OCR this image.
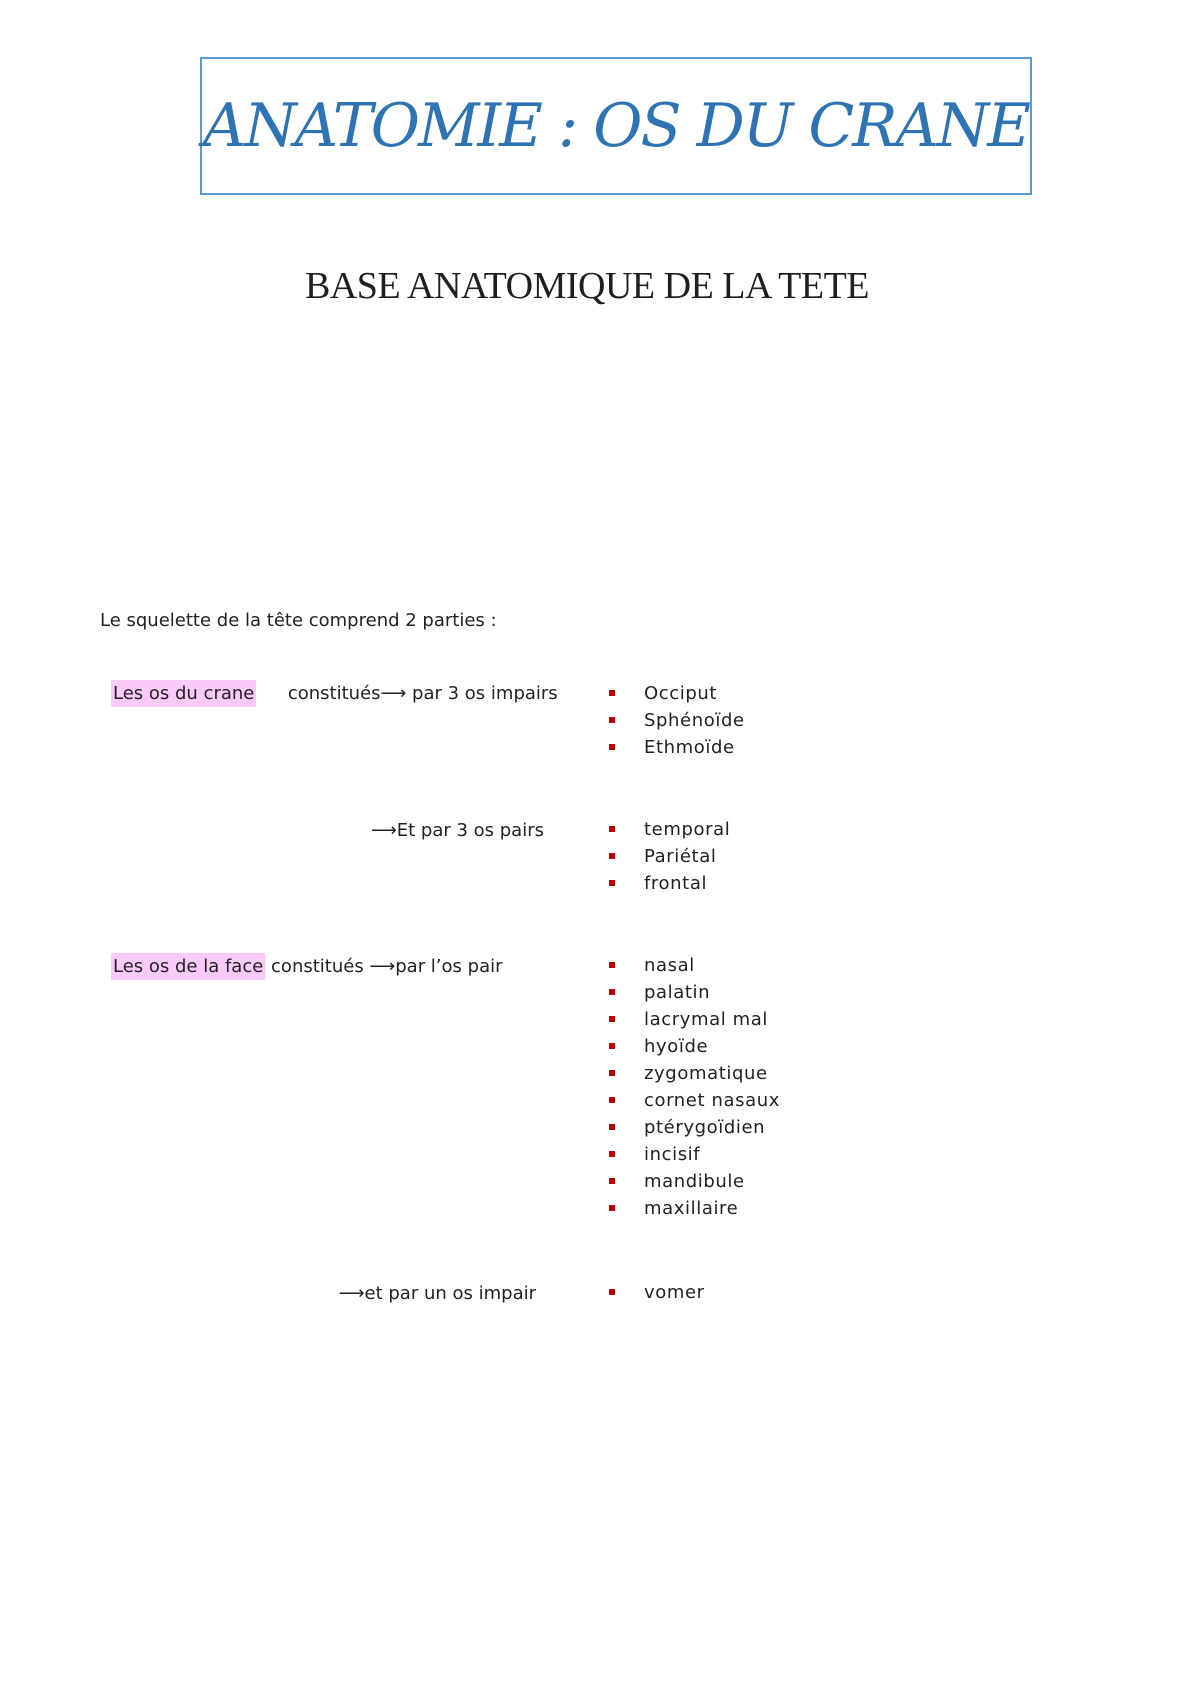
ANATOMIE : OS DU CRANE
BASE ANATOMIQUE DE LA TETE
Le squelette de la tête comprend 2 parties :
Les os du crane constitués⟶ par 3 os impairs	Occiput
Sphénoïde
Ethmoïde
⟶Et par 3 os pairs	temporal
Pariétal
frontal
Les os de la face constitués ⟶par l’os pair	nasal
palatin
lacrymal mal
hyoïde
zygomatique
cornet nasaux
ptérygoïdien
incisif
mandibule
maxillaire
⟶et par un os impair	vomer
